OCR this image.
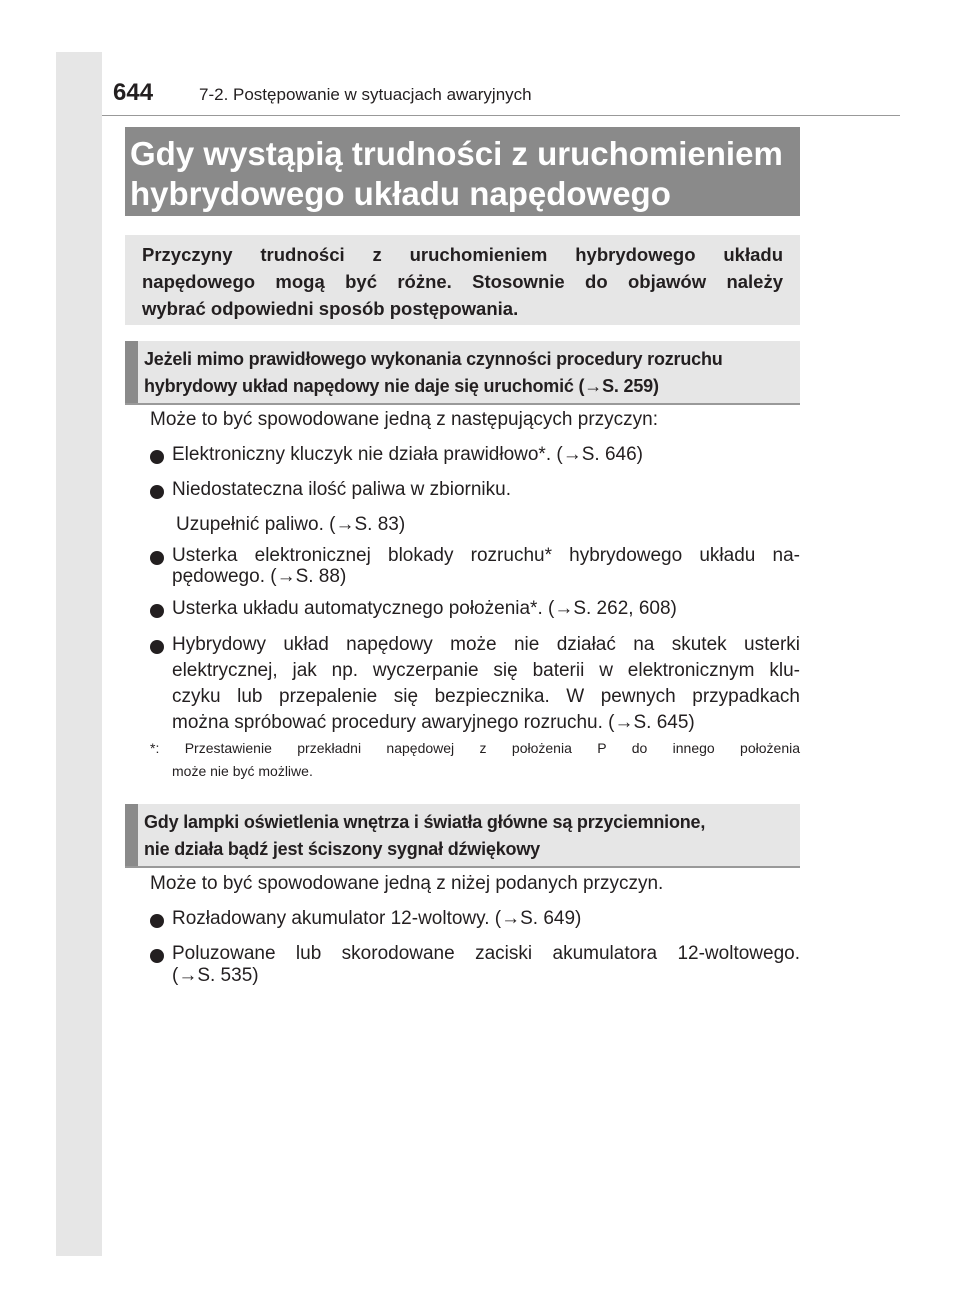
644	7-2. Postępowanie w sytuacjach awaryjnych
Gdy wystąpią trudności z uruchomieniem
hybrydowego układu napędowego
Przyczyny trudności z uruchomieniem hybrydowego układu
napędowego mogą być różne. Stosownie do objawów należy
wybrać odpowiedni sposób postępowania.
Jeżeli mimo prawidłowego wykonania czynności procedury rozruchu
hybrydowy układ napędowy nie daje się uruchomić (→S. 259)
Może to być spowodowane jedną z następujących przyczyn:
Elektroniczny kluczyk nie działa prawidłowo*. (→S. 646)
Niedostateczna ilość paliwa w zbiorniku.
Uzupełnić paliwo. (→S. 83)
Usterka elektronicznej blokady rozruchu* hybrydowego układu na-
pędowego. (→S. 88)
Usterka układu automatycznego położenia*. (→S. 262, 608)
Hybrydowy układ napędowy może nie działać na skutek usterki
elektrycznej, jak np. wyczerpanie się baterii w elektronicznym klu-
czyku lub przepalenie się bezpiecznika. W pewnych przypadkach
można spróbować procedury awaryjnego rozruchu. (→S. 645)
*: Przestawienie przekładni napędowej z położenia P do innego położenia
może nie być możliwe.
Gdy lampki oświetlenia wnętrza i światła główne są przyciemnione,
nie działa bądź jest ściszony sygnał dźwiękowy
Może to być spowodowane jedną z niżej podanych przyczyn.
Rozładowany akumulator 12-woltowy. (→S. 649)
Poluzowane lub skorodowane zaciski akumulatora 12-woltowego.
(→S. 535)
